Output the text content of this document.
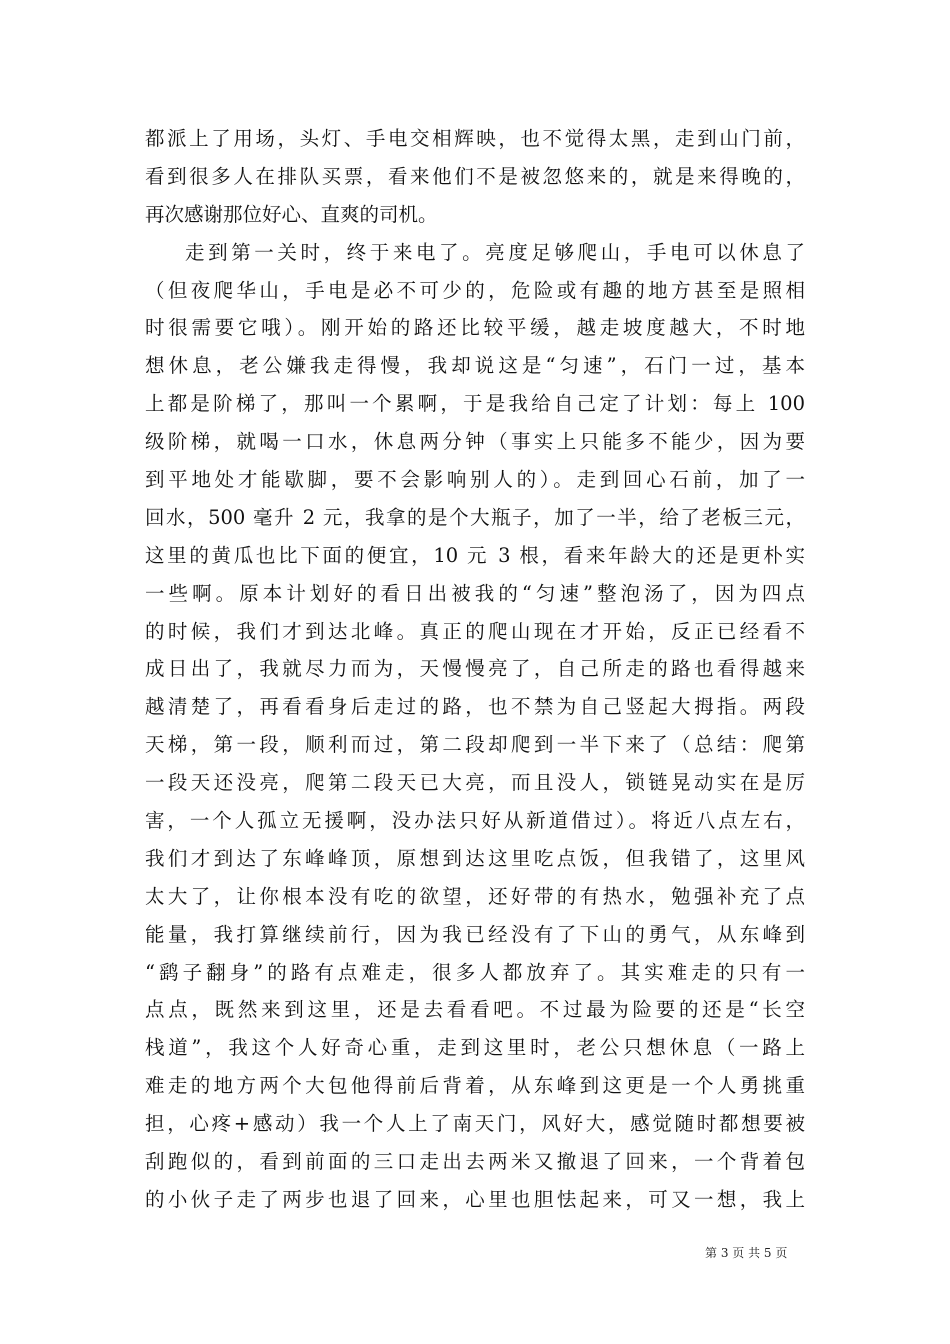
都派上了用场，头灯、手电交相辉映，也不觉得太黑，走到山门前，
看到很多人在排队买票，看来他们不是被忽悠来的，就是来得晚的，
再次感谢那位好心、直爽的司机。
走到第一关时，终于来电了。亮度足够爬山，手电可以休息了
（但夜爬华山，手电是必不可少的，危险或有趣的地方甚至是照相
时很需要它哦）。刚开始的路还比较平缓，越走坡度越大，不时地
想休息，老公嫌我走得慢，我却说这是“匀速”，石门一过，基本
上都是阶梯了，那叫一个累啊，于是我给自己定了计划：每上 100
级阶梯，就喝一口水，休息两分钟（事实上只能多不能少，因为要
到平地处才能歇脚，要不会影响别人的）。走到回心石前，加了一
回水，500 毫升 2 元，我拿的是个大瓶子，加了一半，给了老板三元，
这里的黄瓜也比下面的便宜，10 元 3 根，看来年龄大的还是更朴实
一些啊。原本计划好的看日出被我的“匀速”整泡汤了，因为四点
的时候，我们才到达北峰。真正的爬山现在才开始，反正已经看不
成日出了，我就尽力而为，天慢慢亮了，自己所走的路也看得越来
越清楚了，再看看身后走过的路，也不禁为自己竖起大拇指。两段
天梯，第一段，顺利而过，第二段却爬到一半下来了（总结：爬第
一段天还没亮，爬第二段天已大亮，而且没人，锁链晃动实在是厉
害，一个人孤立无援啊，没办法只好从新道借过）。将近八点左右，
我们才到达了东峰峰顶，原想到达这里吃点饭，但我错了，这里风
太大了，让你根本没有吃的欲望，还好带的有热水，勉强补充了点
能量，我打算继续前行，因为我已经没有了下山的勇气，从东峰到
“鹞子翻身”的路有点难走，很多人都放弃了。其实难走的只有一
点点，既然来到这里，还是去看看吧。不过最为险要的还是“长空
栈道”，我这个人好奇心重，走到这里时，老公只想休息（一路上
难走的地方两个大包他得前后背着，从东峰到这更是一个人勇挑重
担，心疼+感动）我一个人上了南天门，风好大，感觉随时都想要被
刮跑似的，看到前面的三口走出去两米又撤退了回来，一个背着包
的小伙子走了两步也退了回来，心里也胆怯起来，可又一想，我上
第 3 页 共 5 页
